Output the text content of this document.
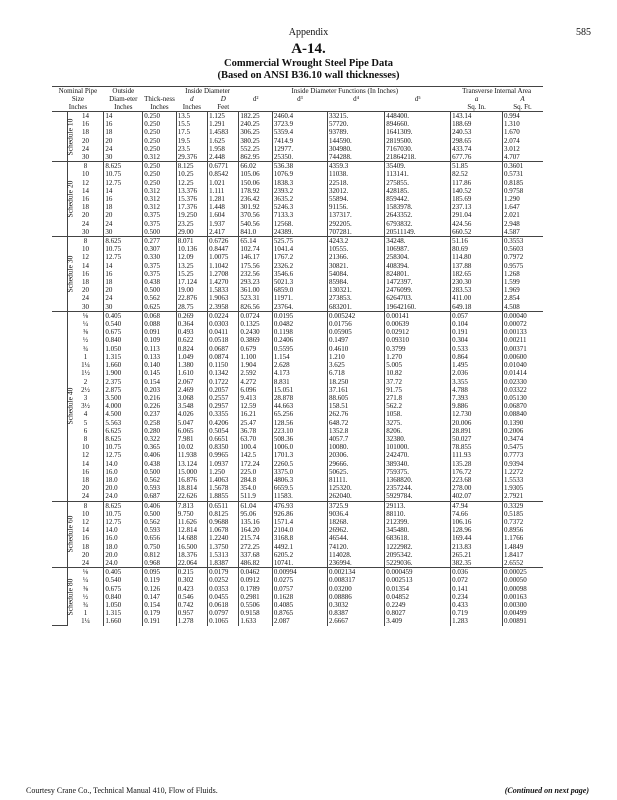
Appendix	585
A-14.
Commercial Wrought Steel Pipe Data
(Based on ANSI B36.10 wall thicknesses)
Nominal Pipe Size		Outside Diam-eter	Thick-ness	Inside Diameter		Inside Diameter Functions (In Inches)				Transverse Internal Area	
				d	D	d²	d³	d⁴	d⁵	a	A
Inches		Inches	Inches	Inches	Feet					Sq. In.	Sq. Ft.
Schedule 10	14	14	0.250	13.5	1.125	182.25	2460.4	33215.	448400.	143.14	0.994
	16	16	0.250	15.5	1.291	240.25	3723.9	57720.	894660.	188.69	1.310
	18	18	0.250	17.5	1.4583	306.25	5359.4	93789.	1641309.	240.53	1.670
	20	20	0.250	19.5	1.625	380.25	7414.9	144590.	2819500.	298.65	2.074
	24	24	0.250	23.5	1.958	552.25	12977.	304980.	7167030.	433.74	3.012
	30	30	0.312	29.376	2.448	862.95	25350.	744288.	21864218.	677.76	4.707
Schedule 20	8	8.625	0.250	8.125	0.6771	66.02	536.38	4359.3	35409.	51.85	0.3601
	10	10.75	0.250	10.25	0.8542	105.06	1076.9	11038.	113141.	82.52	0.5731
	12	12.75	0.250	12.25	1.021	150.06	1838.3	22518.	275855.	117.86	0.8185
	14	14	0.312	13.376	1.111	178.92	2393.2	32012.	428185.	140.52	0.9758
	16	16	0.312	15.376	1.281	236.42	3635.2	55894.	859442.	185.69	1.290
	18	18	0.312	17.376	1.448	301.92	5246.3	91156.	1583978.	237.13	1.647
	20	20	0.375	19.250	1.604	370.56	7133.3	137317.	2643352.	291.04	2.021
	24	24	0.375	23.25	1.937	540.56	12568.	292205.	6793832.	424.56	2.948
	30	30	0.500	29.00	2.417	841.0	24389.	707281.	20511149.	660.52	4.587
Schedule 30	8	8.625	0.277	8.071	0.6726	65.14	525.75	4243.2	34248.	51.16	0.3553
	10	10.75	0.307	10.136	0.8447	102.74	1041.4	10555.	106987.	80.69	0.5603
	12	12.75	0.330	12.09	1.0075	146.17	1767.2	21366.	258304.	114.80	0.7972
	14	14	0.375	13.25	1.1042	175.56	2326.2	30821.	408394.	137.88	0.9575
	16	16	0.375	15.25	1.2708	232.56	3546.6	54084.	824801.	182.65	1.268
	18	18	0.438	17.124	1.4270	293.23	5021.3	85984.	1472397.	230.30	1.599
	20	20	0.500	19.00	1.5833	361.00	6859.0	130321.	2476099.	283.53	1.969
	24	24	0.562	22.876	1.9063	523.31	11971.	273853.	6264703.	411.00	2.854
	30	30	0.625	28.75	2.3958	826.56	23764.	683201.	19642160.	649.18	4.508
Schedule 40	⅛	0.405	0.068	0.269	0.0224	0.0724	0.0195	0.005242	0.00141	0.057	0.00040
	¼	0.540	0.088	0.364	0.0303	0.1325	0.0482	0.01756	0.00639	0.104	0.00072
	⅜	0.675	0.091	0.493	0.0411	0.2430	0.1198	0.05905	0.02912	0.191	0.00133
	½	0.840	0.109	0.622	0.0518	0.3869	0.2406	0.1497	0.09310	0.304	0.00211
	¾	1.050	0.113	0.824	0.0687	0.679	0.5595	0.4610	0.3799	0.533	0.00371
	1	1.315	0.133	1.049	0.0874	1.100	1.154	1.210	1.270	0.864	0.00600
	1¼	1.660	0.140	1.380	0.1150	1.904	2.628	3.625	5.005	1.495	0.01040
	1½	1.900	0.145	1.610	0.1342	2.592	4.173	6.718	10.82	2.036	0.01414
	2	2.375	0.154	2.067	0.1722	4.272	8.831	18.250	37.72	3.355	0.02330
	2½	2.875	0.203	2.469	0.2057	6.096	15.051	37.161	91.75	4.788	0.03322
	3	3.500	0.216	3.068	0.2557	9.413	28.878	88.605	271.8	7.393	0.05130
	3½	4.000	0.226	3.548	0.2957	12.59	44.663	158.51	562.2	9.886	0.06870
	4	4.500	0.237	4.026	0.3355	16.21	65.256	262.76	1058.	12.730	0.08840
	5	5.563	0.258	5.047	0.4206	25.47	128.56	648.72	3275.	20.006	0.1390
	6	6.625	0.280	6.065	0.5054	36.78	223.10	1352.8	8206.	28.891	0.2006
	8	8.625	0.322	7.981	0.6651	63.70	508.36	4057.7	32380.	50.027	0.3474
	10	10.75	0.365	10.02	0.8350	100.4	1006.0	10080.	101000.	78.855	0.5475
	12	12.75	0.406	11.938	0.9965	142.5	1701.3	20306.	242470.	111.93	0.7773
	14	14.0	0.438	13.124	1.0937	172.24	2260.5	29666.	389340.	135.28	0.9394
	16	16.0	0.500	15.000	1.250	225.0	3375.0	50625.	759375.	176.72	1.2272
	18	18.0	0.562	16.876	1.4063	284.8	4806.3	81111.	1368820.	223.68	1.5533
	20	20.0	0.593	18.814	1.5678	354.0	6659.5	125320.	2357244.	278.00	1.9305
	24	24.0	0.687	22.626	1.8855	511.9	11583.	262040.	5929784.	402.07	2.7921
Schedule 60	8	8.625	0.406	7.813	0.6511	61.04	476.93	3725.9	29113.	47.94	0.3329
	10	10.75	0.500	9.750	0.8125	95.06	926.86	9036.4	88110.	74.66	0.5185
	12	12.75	0.562	11.626	0.9688	135.16	1571.4	18268.	212399.	106.16	0.7372
	14	14.0	0.593	12.814	1.0678	164.20	2104.0	26962.	345480.	128.96	0.8956
	16	16.0	0.656	14.688	1.2240	215.74	3168.8	46544.	683618.	169.44	1.1766
	18	18.0	0.750	16.500	1.3750	272.25	4492.1	74120.	1222982.	213.83	1.4849
	20	20.0	0.812	18.376	1.5313	337.68	6205.2	114028.	2095342.	265.21	1.8417
	24	24.0	0.968	22.064	1.8387	486.82	10741.	236994.	5229036.	382.35	2.6552
Schedule 80	⅛	0.405	0.095	0.215	0.0179	0.0462	0.00994	0.002134	0.000459	0.036	0.00025
	¼	0.540	0.119	0.302	0.0252	0.0912	0.0275	0.008317	0.002513	0.072	0.00050
	⅜	0.675	0.126	0.423	0.0353	0.1789	0.0757	0.03200	0.01354	0.141	0.00098
	½	0.840	0.147	0.546	0.0455	0.2981	0.1628	0.08886	0.04852	0.234	0.00163
	¾	1.050	0.154	0.742	0.0618	0.5506	0.4085	0.3032	0.2249	0.433	0.00300
	1	1.315	0.179	0.957	0.0797	0.9158	0.8765	0.8387	0.8027	0.719	0.00499
	1¼	1.660	0.191	1.278	0.1065	1.633	2.087	2.6667	3.409	1.283	0.00891
Courtesy Crane Co., Technical Manual 410, Flow of Fluids.	(Continued on next page)
